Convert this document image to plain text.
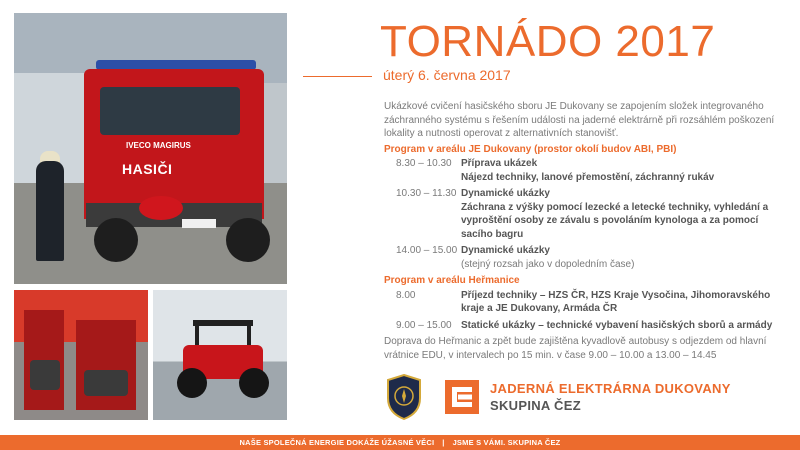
IVECO MAGIRUS
HASIČI
TORNÁDO 2017
úterý 6. června 2017

Ukázkové cvičení hasičského sboru JE Dukovany se zapojením složek integrovaného záchranného systému s řešením události na jaderné elektrárně při rozsáhlém poškození lokality a nutnosti operovat z alternativních stanovišť.

Program v areálu JE Dukovany (prostor okolí budov ABI, PBI)
8.30 – 10.30 Příprava ukázek
Nájezd techniky, lanové přemostění, záchranný rukáv
10.30 – 11.30 Dynamické ukázky
Záchrana z výšky pomocí lezecké a letecké techniky, vyhledání a vyproštění osoby ze závalu s povoláním kynologa a za pomocí sacího bagru
14.00 – 15.00 Dynamické ukázky
(stejný rozsah jako v dopoledním čase)
Program v areálu Heřmanice
8.00	Příjezd techniky – HZS ČR, HZS Kraje Vysočina, Jihomoravského kraje a JE Dukovany, Armáda ČR
9.00 – 15.00 Statické ukázky – technické vybavení hasičských sborů a armády

Doprava do Heřmanic a zpět bude zajištěna kyvadlově autobusy s odjezdem od hlavní vrátnice EDU, v intervalech po 15 min. v čase 9.00 – 10.00 a 13.00 – 14.45

JADERNÁ ELEKTRÁRNA DUKOVANY
SKUPINA ČEZ
NAŠE SPOLEČNÁ ENERGIE DOKÁŽE ÚŽASNÉ VĚCI | JSME S VÁMI. SKUPINA ČEZ
